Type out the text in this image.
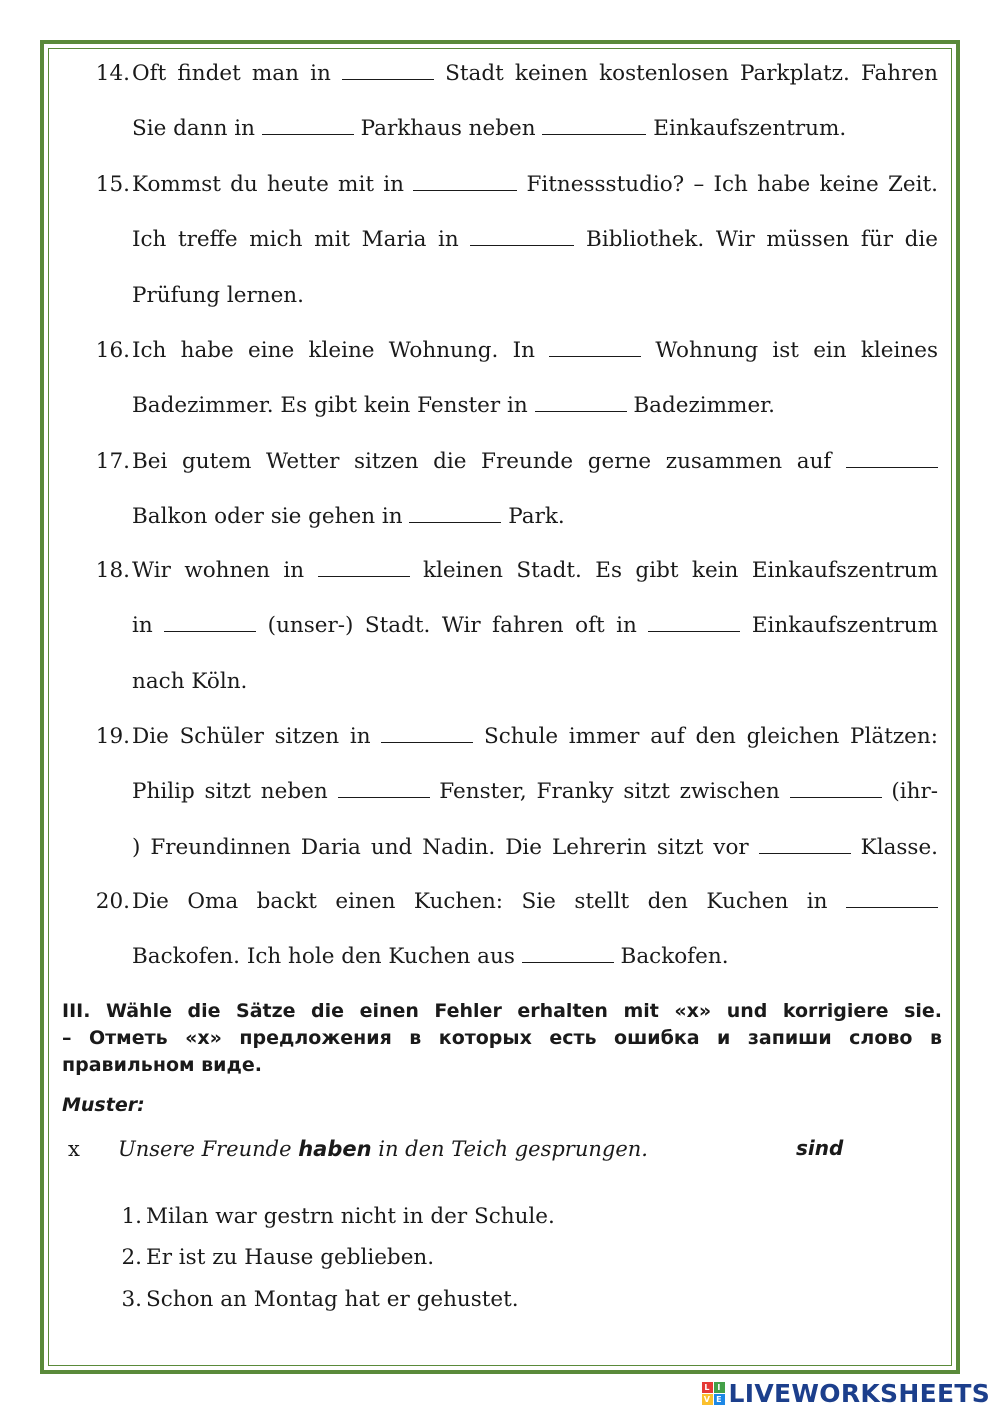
14. Oft findet man in	Stadt keinen kostenlosen Parkplatz. Fahren
Sie dann in	Parkhaus neben	Einkaufszentrum.
15. Kommst du heute mit in	Fitnessstudio? – Ich habe keine Zeit.
Ich treffe mich mit Maria in	Bibliothek. Wir müssen für die
Prüfung lernen.
16. Ich habe eine kleine Wohnung. In	Wohnung ist ein kleines
Badezimmer. Es gibt kein Fenster in	Badezimmer.
17. Bei gutem Wetter sitzen die Freunde gerne zusammen auf
Balkon oder sie gehen in	Park.
18. Wir wohnen in	kleinen Stadt. Es gibt kein Einkaufszentrum
in	(unser-) Stadt. Wir fahren oft in	Einkaufszentrum
nach Köln.
19. Die Schüler sitzen in	Schule immer auf den gleichen Plätzen:
Philip sitzt neben	Fenster, Franky sitzt zwischen	(ihr-
) Freundinnen Daria und Nadin. Die Lehrerin sitzt vor	Klasse.
20. Die Oma backt einen Kuchen: Sie stellt den Kuchen in
Backofen. Ich hole den Kuchen aus	Backofen.
III. Wähle die Sätze die einen Fehler erhalten mit «x» und korrigiere sie.
– Отметь «x» предложения в которых есть ошибка и запиши слово в
правильном виде.
Muster:
x Unsere Freunde haben in den Teich gesprungen.	sind
1. Milan war gestrn nicht in der Schule.
2. Er ist zu Hause geblieben.
3. Schon an Montag hat er gehustet.
L I
V E LIVEWORKSHEETS
